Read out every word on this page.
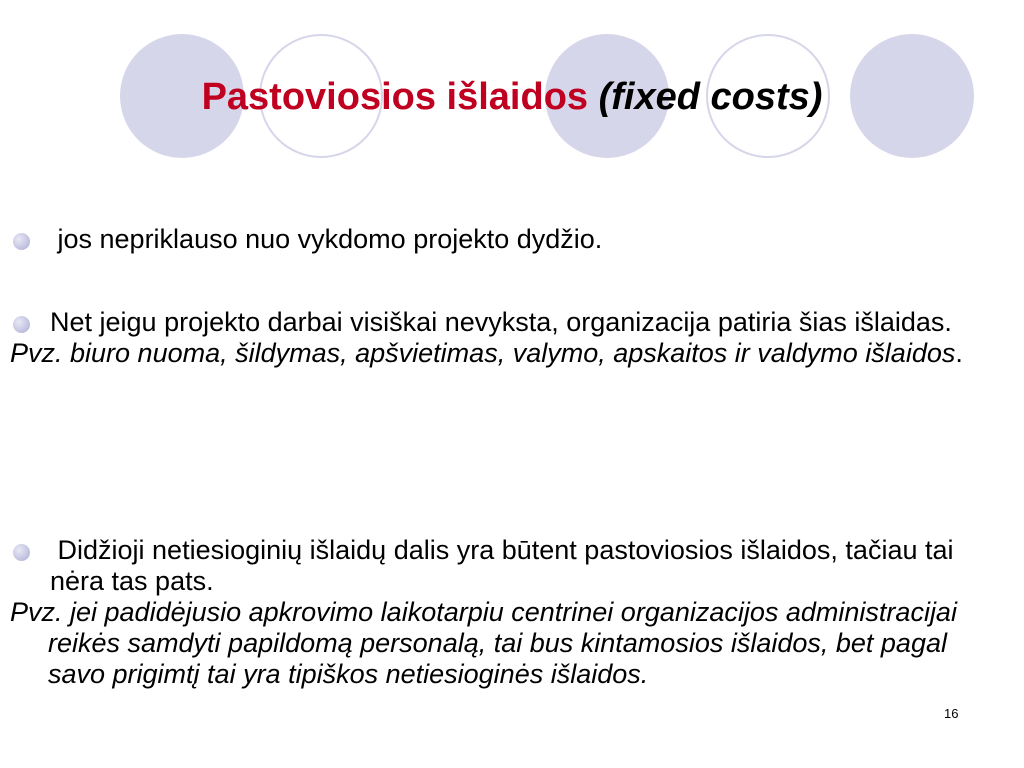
Pastoviosios išlaidos (fixed costs)
jos nepriklauso nuo vykdomo projekto dydžio.
Net jeigu projekto darbai visiškai nevyksta, organizacija patiria šias išlaidas.
Pvz. biuro nuoma, šildymas, apšvietimas, valymo, apskaitos ir valdymo išlaidos.
Didžioji netiesioginių išlaidų dalis yra būtent pastoviosios išlaidos, tačiau tai nėra tas pats.
Pvz. jei padidėjusio apkrovimo laikotarpiu centrinei organizacijos administracijai reikės samdyti papildomą personalą, tai bus kintamosios išlaidos, bet pagal savo prigimtį tai yra tipiškos netiesioginės išlaidos.
16
